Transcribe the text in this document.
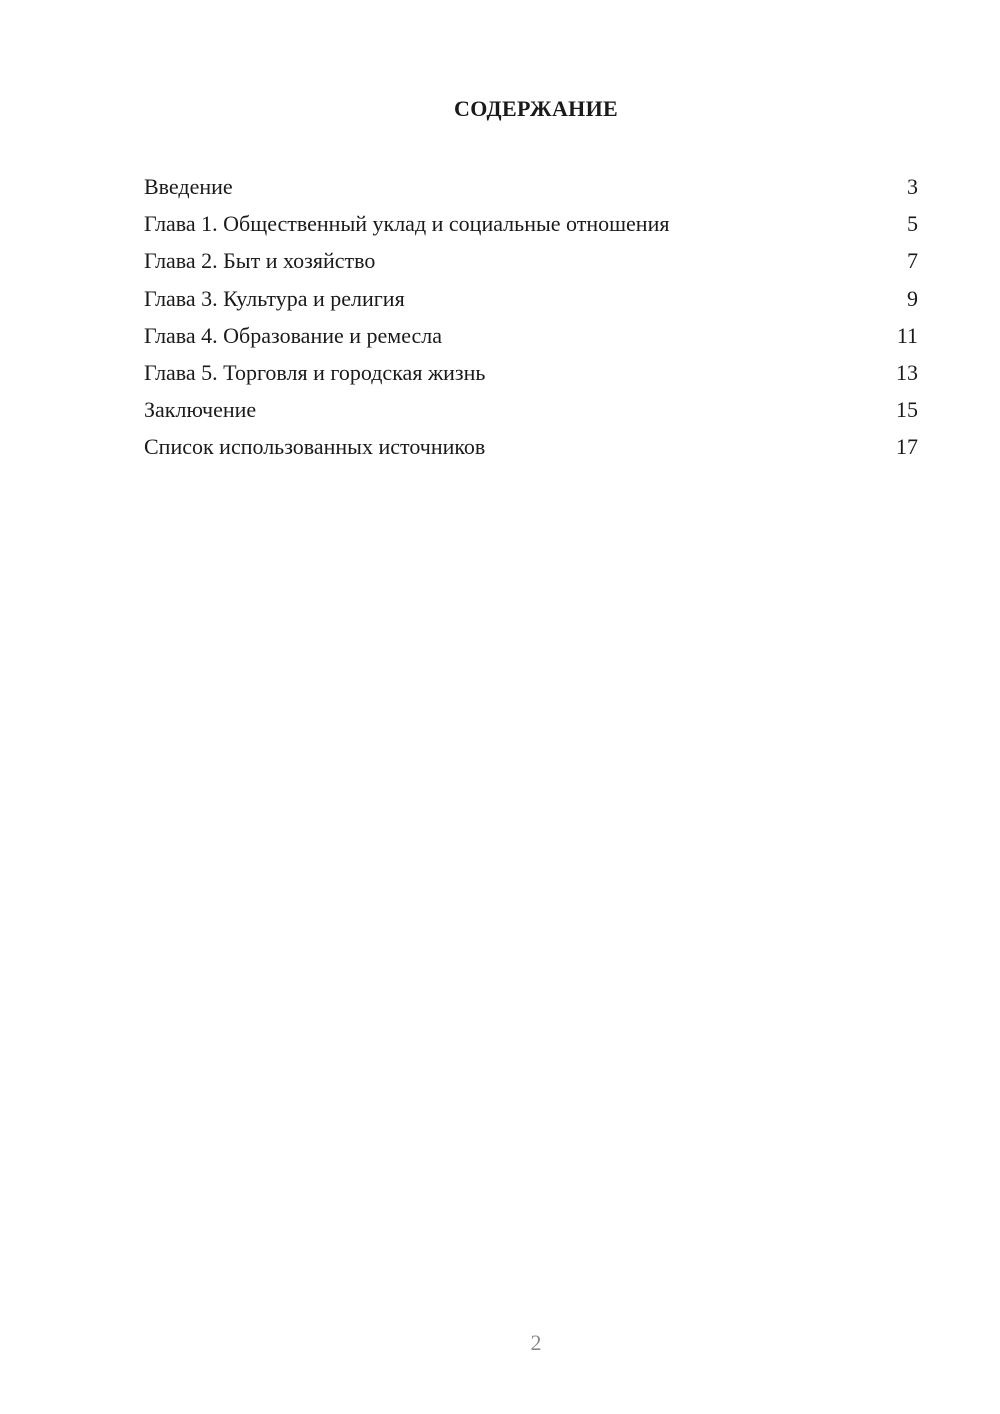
СОДЕРЖАНИЕ
Введение	3
Глава 1. Общественный уклад и социальные отношения	5
Глава 2. Быт и хозяйство	7
Глава 3. Культура и религия	9
Глава 4. Образование и ремесла	11
Глава 5. Торговля и городская жизнь	13
Заключение	15
Список использованных источников	17
2
